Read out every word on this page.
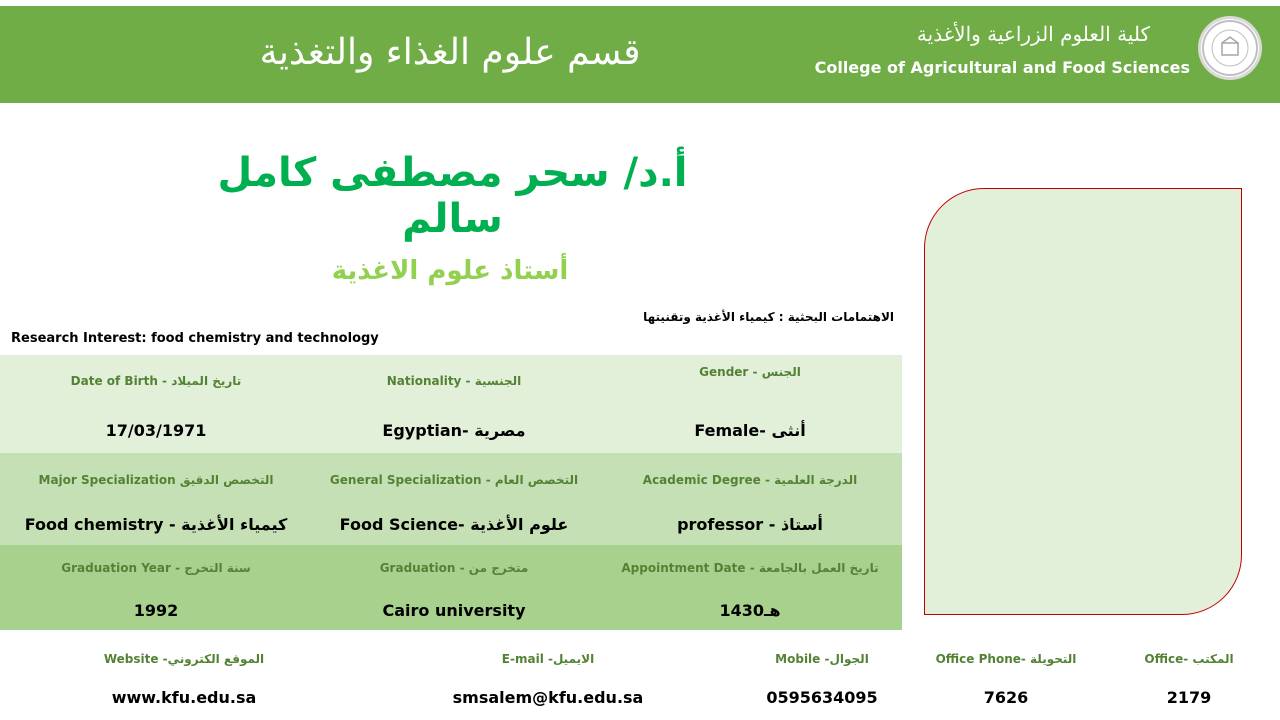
قسم علوم الغذاء والتغذية	كلية العلوم الزراعية والأغذية
College of Agricultural and Food Sciences
أ.د/ سحر مصطفى كامل سالم
أستاذ علوم الاغذية
الاهتمامات البحثية : كيمياء الأغذية وتقنيتها
Research Interest: food chemistry and technology
Date of Birth - تاريخ الميلاد
17/03/1971
Nationality - الجنسية
Egyptian- مصرية
Gender - الجنس
Female- أنثى
Major Specialization التخصص الدقيق
Food chemistry - كيمياء الأغذية
General Specialization - التخصص العام
Food Science- علوم الأغذية
Academic Degree - الدرجة العلمية
professor - أستاذ
Graduation Year - سنة التخرج
1992
Graduation - متخرج من
Cairo university
Appointment Date - تاريخ العمل بالجامعة
1430هـ
Website -الموقع الكتروني
www.kfu.edu.sa
E-mail -الايميل
smsalem@kfu.edu.sa
Mobile -الجوال
0595634095
Office Phone- التحويلة
7626
Office- المكتب
2179
